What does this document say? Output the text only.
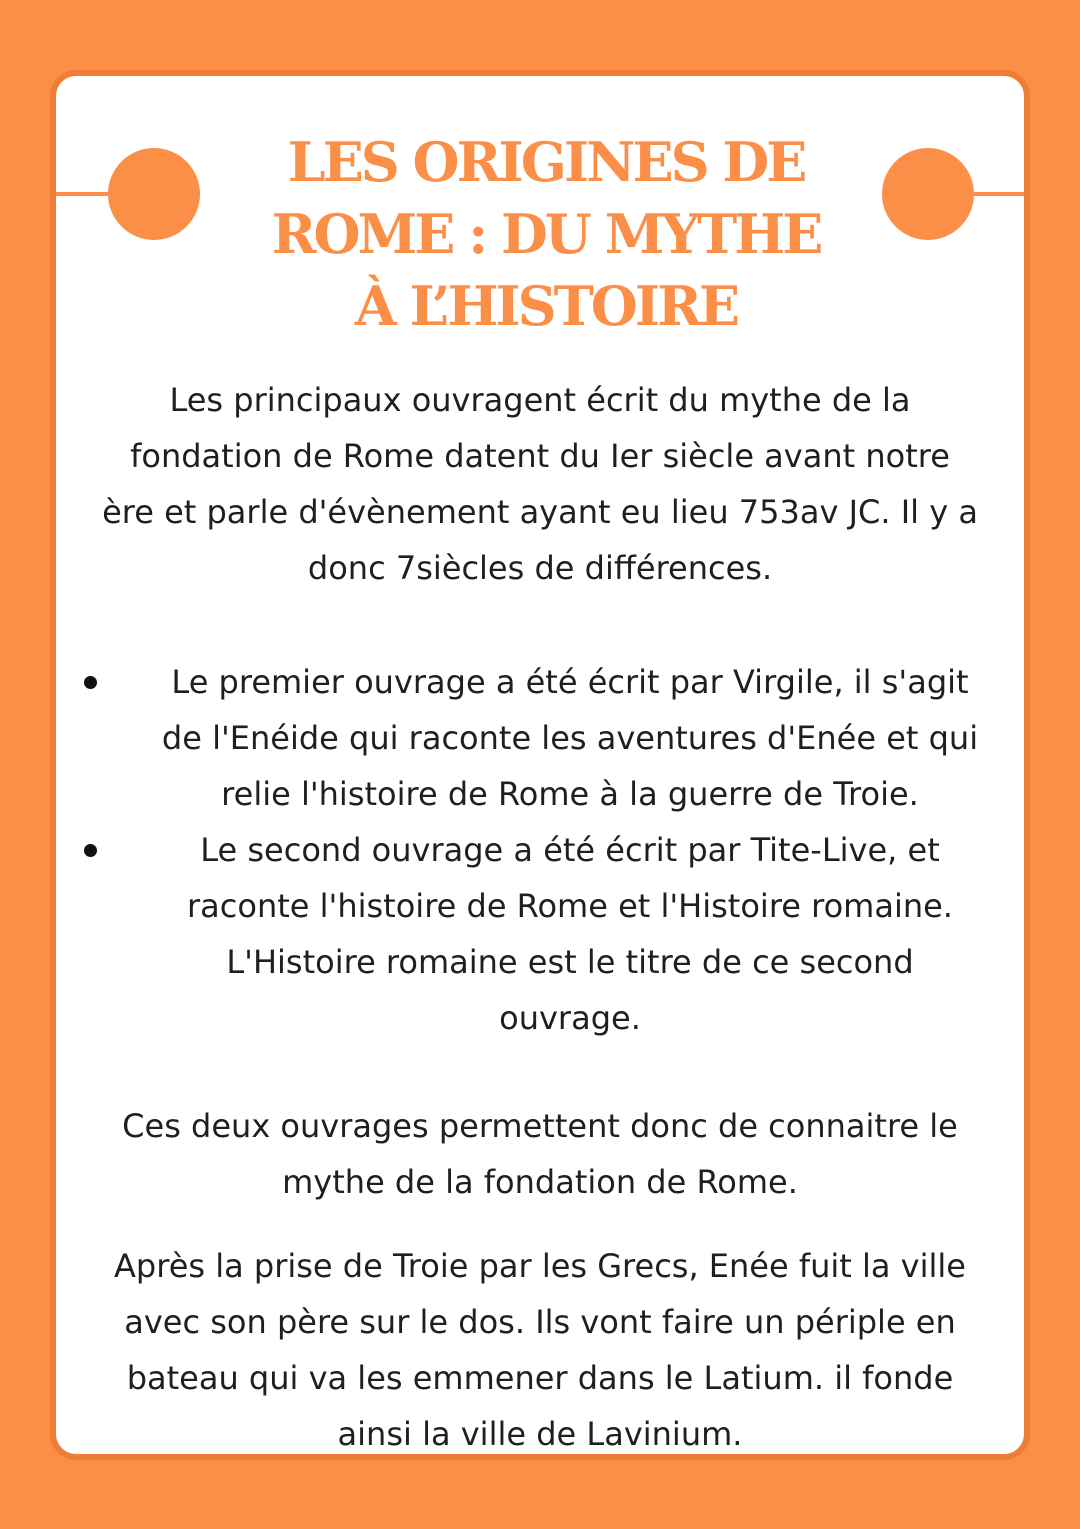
LES ORIGINES DE
ROME : DU MYTHE
À L’HISTOIRE

Les principaux ouvragent écrit du mythe de la
fondation de Rome datent du Ier siècle avant notre
ère et parle d'évènement ayant eu lieu 753av JC. Il y a
donc 7siècles de différences.

Le premier ouvrage a été écrit par Virgile, il s'agit
de l'Enéide qui raconte les aventures d'Enée et qui
relie l'histoire de Rome à la guerre de Troie.
Le second ouvrage a été écrit par Tite-Live, et
raconte l'histoire de Rome et l'Histoire romaine.
L'Histoire romaine est le titre de ce second
ouvrage.

Ces deux ouvrages permettent donc de connaitre le
mythe de la fondation de Rome.

Après la prise de Troie par les Grecs, Enée fuit la ville
avec son père sur le dos. Ils vont faire un périple en
bateau qui va les emmener dans le Latium. il fonde
ainsi la ville de Lavinium.
